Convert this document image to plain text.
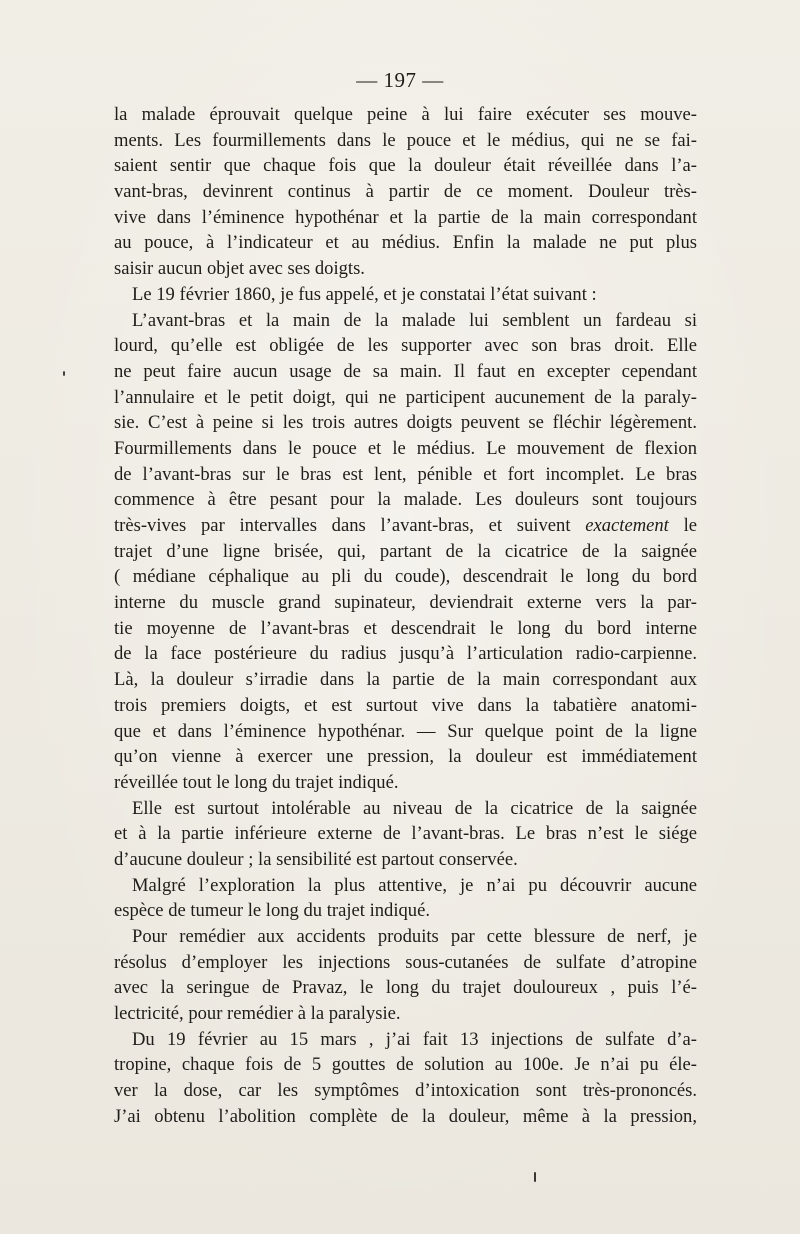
— 197 —
la malade éprouvait quelque peine à lui faire exécuter ses mouve-
ments. Les fourmillements dans le pouce et le médius, qui ne se fai-
saient sentir que chaque fois que la douleur était réveillée dans l’a-
vant-bras, devinrent continus à partir de ce moment. Douleur très-
vive dans l’éminence hypothénar et la partie de la main correspondant
au pouce, à l’indicateur et au médius. Enfin la malade ne put plus
saisir aucun objet avec ses doigts.
Le 19 février 1860, je fus appelé, et je constatai l’état suivant :
L’avant-bras et la main de la malade lui semblent un fardeau si
lourd, qu’elle est obligée de les supporter avec son bras droit. Elle
ne peut faire aucun usage de sa main. Il faut en excepter cependant
l’annulaire et le petit doigt, qui ne participent aucunement de la paraly-
sie. C’est à peine si les trois autres doigts peuvent se fléchir légèrement.
Fourmillements dans le pouce et le médius. Le mouvement de flexion
de l’avant-bras sur le bras est lent, pénible et fort incomplet. Le bras
commence à être pesant pour la malade. Les douleurs sont toujours
très-vives par intervalles dans l’avant-bras, et suivent exactement le
trajet d’une ligne brisée, qui, partant de la cicatrice de la saignée
( médiane céphalique au pli du coude), descendrait le long du bord
interne du muscle grand supinateur, deviendrait externe vers la par-
tie moyenne de l’avant-bras et descendrait le long du bord interne
de la face postérieure du radius jusqu’à l’articulation radio-carpienne.
Là, la douleur s’irradie dans la partie de la main correspondant aux
trois premiers doigts, et est surtout vive dans la tabatière anatomi-
que et dans l’éminence hypothénar. — Sur quelque point de la ligne
qu’on vienne à exercer une pression, la douleur est immédiatement
réveillée tout le long du trajet indiqué.
Elle est surtout intolérable au niveau de la cicatrice de la saignée
et à la partie inférieure externe de l’avant-bras. Le bras n’est le siége
d’aucune douleur ; la sensibilité est partout conservée.
Malgré l’exploration la plus attentive, je n’ai pu découvrir aucune
espèce de tumeur le long du trajet indiqué.
Pour remédier aux accidents produits par cette blessure de nerf, je
résolus d’employer les injections sous-cutanées de sulfate d’atropine
avec la seringue de Pravaz, le long du trajet douloureux , puis l’é-
lectricité, pour remédier à la paralysie.
Du 19 février au 15 mars , j’ai fait 13 injections de sulfate d’a-
tropine, chaque fois de 5 gouttes de solution au 100e. Je n’ai pu éle-
ver la dose, car les symptômes d’intoxication sont très-prononcés.
J’ai obtenu l’abolition complète de la douleur, même à la pression,
